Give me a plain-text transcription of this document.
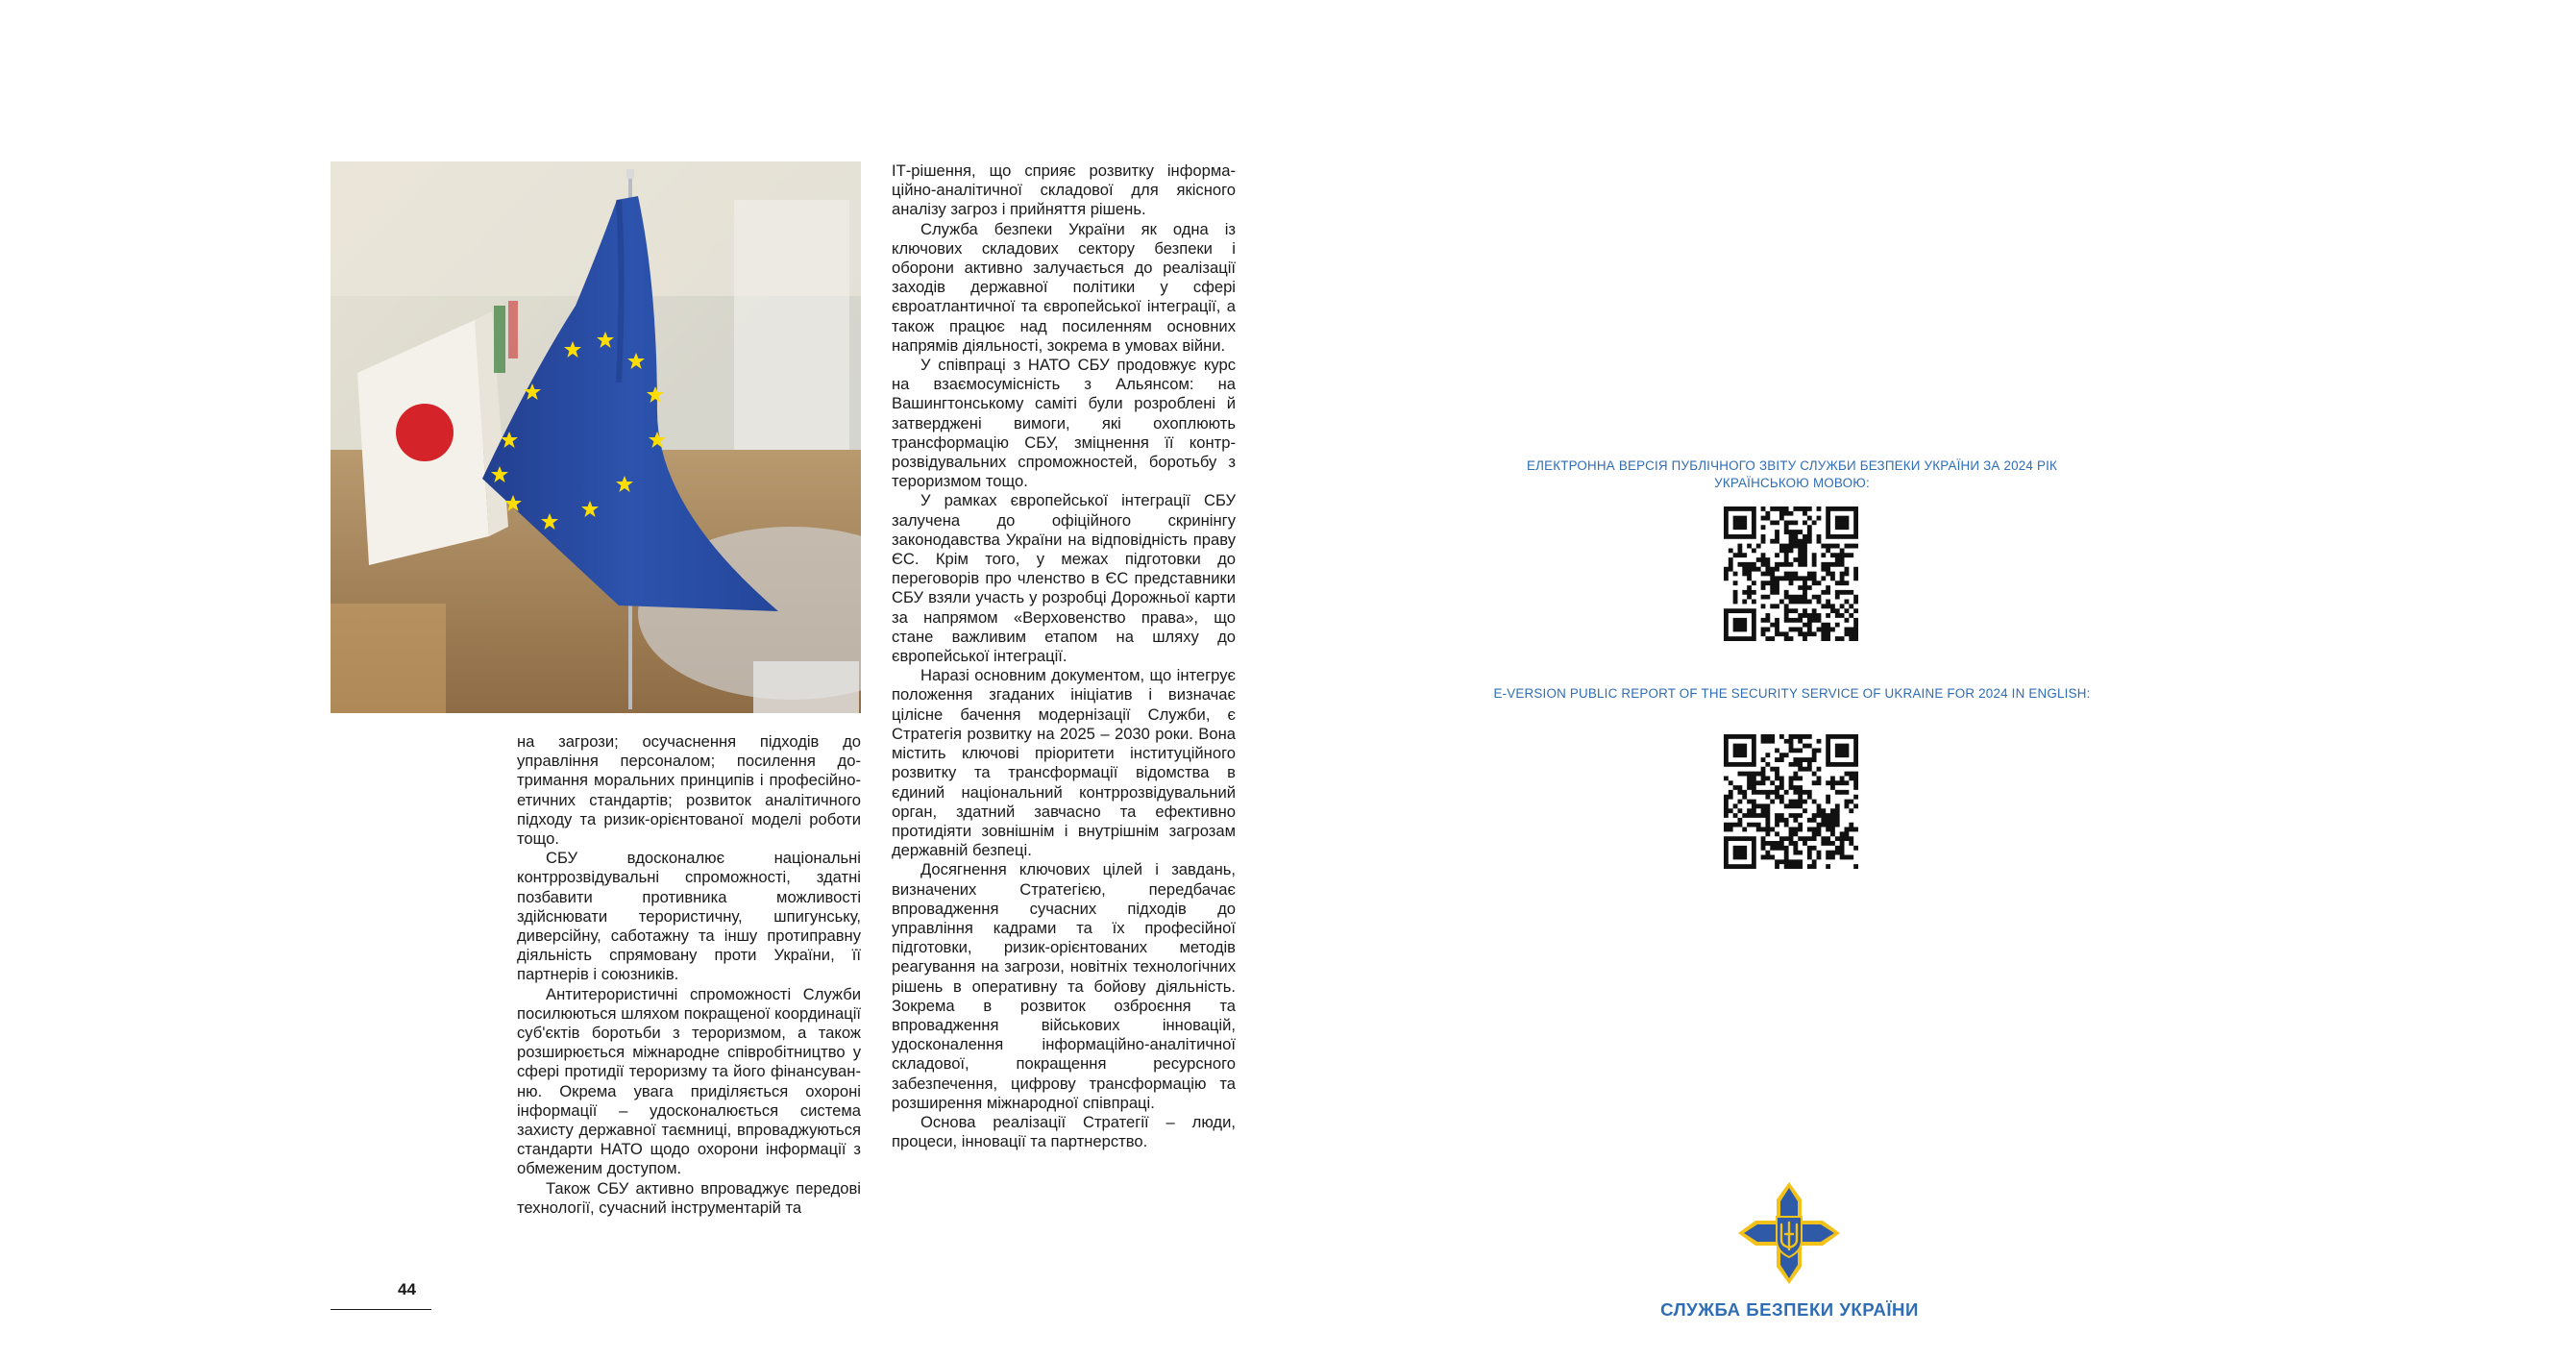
на загрози; осучаснення підходів до управління персоналом; посилення дотримання моральних принципів і професійно-етичних стандартів; розвиток аналітичного підходу та ризик-орієнтованої моделі роботи тощо.

СБУ вдосконалює національні контррозвідувальні спроможності, здатні позбавити противника можливості здійснювати терористичну, шпигунську, диверсійну, саботажну та іншу протиправну діяльність спрямовану проти України, її партнерів і союзників.

Антитерористичні спроможності Служби посилюються шляхом покращеної координації суб'єктів боротьби з тероризмом, а також розширюється міжнародне співробітництво у сфері протидії тероризму та його фінансуванню. Окрема увага приділяється охороні інформації – удосконалюється система захисту державної таємниці, впроваджуються стандарти НАТО щодо охорони інформації з обмеженим доступом.

Також СБУ активно впроваджує передові технології, сучасний інструментарій та

ІТ-рішення, що сприяє розвитку інформаційно-аналітичної складової для якісного аналізу загроз і прийняття рішень.

Служба безпеки України як одна із ключових складових сектору безпеки і оборони активно залучається до реалізації заходів державної політики у сфері євроатлантичної та європейської інтеграції, а також працює над посиленням основних напрямів діяльності, зокрема в умовах війни.

У співпраці з НАТО СБУ продовжує курс на взаємосумісність з Альянсом: на Вашингтонському саміті були розроблені й затверджені вимоги, які охоплюють трансформацію СБУ, зміцнення її контррозвідувальних спроможностей, боротьбу з тероризмом тощо.

У рамках європейської інтеграції СБУ залучена до офіційного скринінгу законодавства України на відповідність праву ЄС. Крім того, у межах підготовки до переговорів про членство в ЄС представники СБУ взяли участь у розробці Дорожньої карти за напрямом «Верховенство права», що стане важливим етапом на шляху до європейської інтеграції.

Наразі основним документом, що інтегрує положення згаданих ініціатив і визначає цілісне бачення модернізації Служби, є Стратегія розвитку на 2025 – 2030 роки. Вона містить ключові пріоритети інституційного розвитку та трансформації відомства в єдиний національний контррозвідувальний орган, здатний завчасно та ефективно протидіяти зовнішнім і внутрішнім загрозам державній безпеці.

Досягнення ключових цілей і завдань, визначених Стратегією, передбачає впровадження сучасних підходів до управління кадрами та їх професійної підготовки, ризик-орієнтованих методів реагування на загрози, новітніх технологічних рішень в оперативну та бойову діяльність. Зокрема в розвиток озброєння та впровадження військових інновацій, удосконалення інформаційно-аналітичної складової, покращення ресурсного забезпечення, цифрову трансформацію та розширення міжнародної співпраці.

Основа реалізації Стратегії – люди, процеси, інновації та партнерство.

44
ЕЛЕКТРОННА ВЕРСІЯ ПУБЛІЧНОГО ЗВІТУ СЛУЖБИ БЕЗПЕКИ УКРАЇНИ ЗА 2024 РІК УКРАЇНСЬКОЮ МОВОЮ:
E-VERSION PUBLIC REPORT OF THE SECURITY SERVICE OF UKRAINE FOR 2024 IN ENGLISH:
СЛУЖБА БЕЗПЕКИ УКРАЇНИ
